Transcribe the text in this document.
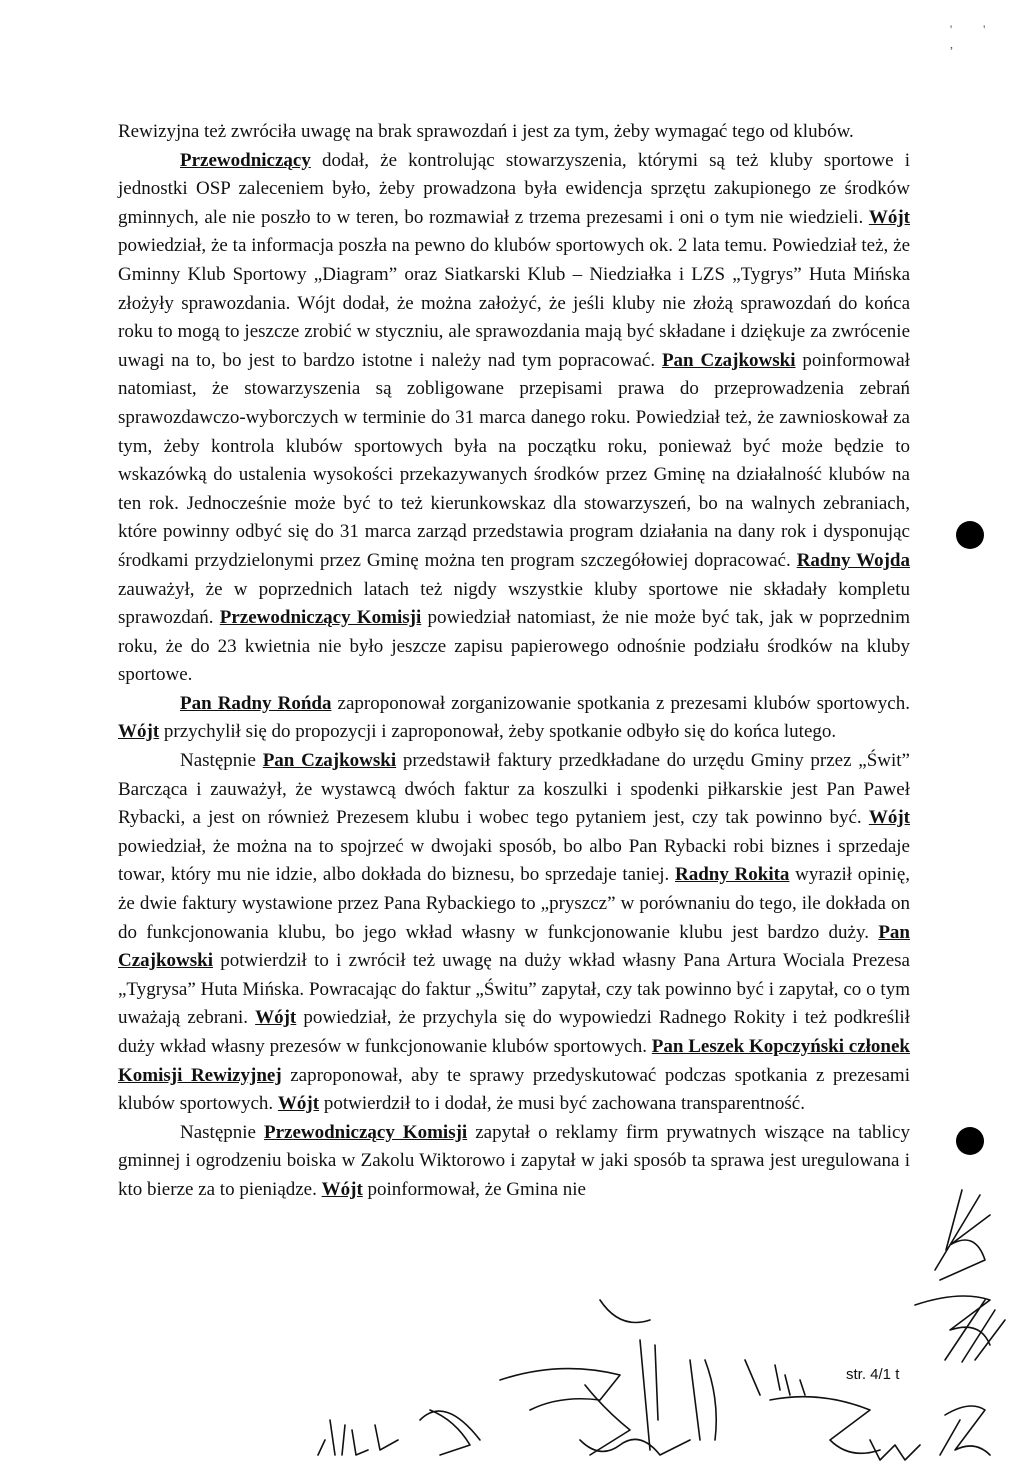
' ' ,

Rewizyjna też zwróciła uwagę na brak sprawozdań i jest za tym, żeby wymagać tego od klubów.

Przewodniczący dodał, że kontrolując stowarzyszenia, którymi są też kluby sportowe i jednostki OSP zaleceniem było, żeby prowadzona była ewidencja sprzętu zakupionego ze środków gminnych, ale nie poszło to w teren, bo rozmawiał z trzema prezesami i oni o tym nie wiedzieli. Wójt powiedział, że ta informacja poszła na pewno do klubów sportowych ok. 2 lata temu. Powiedział też, że Gminny Klub Sportowy „Diagram” oraz Siatkarski Klub – Niedziałka i LZS „Tygrys” Huta Mińska złożyły sprawozdania. Wójt dodał, że można założyć, że jeśli kluby nie złożą sprawozdań do końca roku to mogą to jeszcze zrobić w styczniu, ale sprawozdania mają być składane i dziękuje za zwrócenie uwagi na to, bo jest to bardzo istotne i należy nad tym popracować. Pan Czajkowski poinformował natomiast, że stowarzyszenia są zobligowane przepisami prawa do przeprowadzenia zebrań sprawozdawczo-wyborczych w terminie do 31 marca danego roku. Powiedział też, że zawnioskował za tym, żeby kontrola klubów sportowych była na początku roku, ponieważ być może będzie to wskazówką do ustalenia wysokości przekazywanych środków przez Gminę na działalność klubów na ten rok. Jednocześnie może być to też kierunkowskaz dla stowarzyszeń, bo na walnych zebraniach, które powinny odbyć się do 31 marca zarząd przedstawia program działania na dany rok i dysponując środkami przydzielonymi przez Gminę można ten program szczegółowiej dopracować. Radny Wojda zauważył, że w poprzednich latach też nigdy wszystkie kluby sportowe nie składały kompletu sprawozdań. Przewodniczący Komisji powiedział natomiast, że nie może być tak, jak w poprzednim roku, że do 23 kwietnia nie było jeszcze zapisu papierowego odnośnie podziału środków na kluby sportowe.

Pan Radny Rońda zaproponował zorganizowanie spotkania z prezesami klubów sportowych. Wójt przychylił się do propozycji i zaproponował, żeby spotkanie odbyło się do końca lutego.

Następnie Pan Czajkowski przedstawił faktury przedkładane do urzędu Gminy przez „Świt” Barcząca i zauważył, że wystawcą dwóch faktur za koszulki i spodenki piłkarskie jest Pan Paweł Rybacki, a jest on również Prezesem klubu i wobec tego pytaniem jest, czy tak powinno być. Wójt powiedział, że można na to spojrzeć w dwojaki sposób, bo albo Pan Rybacki robi biznes i sprzedaje towar, który mu nie idzie, albo dokłada do biznesu, bo sprzedaje taniej. Radny Rokita wyraził opinię, że dwie faktury wystawione przez Pana Rybackiego to „pryszcz” w porównaniu do tego, ile dokłada on do funkcjonowania klubu, bo jego wkład własny w funkcjonowanie klubu jest bardzo duży. Pan Czajkowski potwierdził to i zwrócił też uwagę na duży wkład własny Pana Artura Wociala Prezesa „Tygrysa” Huta Mińska. Powracając do faktur „Świtu” zapytał, czy tak powinno być i zapytał, co o tym uważają zebrani. Wójt powiedział, że przychyla się do wypowiedzi Radnego Rokity i też podkreślił duży wkład własny prezesów w funkcjonowanie klubów sportowych. Pan Leszek Kopczyński członek Komisji Rewizyjnej zaproponował, aby te sprawy przedyskutować podczas spotkania z prezesami klubów sportowych. Wójt potwierdził to i dodał, że musi być zachowana transparentność.

Następnie Przewodniczący Komisji zapytał o reklamy firm prywatnych wiszące na tablicy gminnej i ogrodzeniu boiska w Zakolu Wiktorowo i zapytał w jaki sposób ta sprawa jest uregulowana i kto bierze za to pieniądze. Wójt poinformował, że Gmina nie

str. 4/1 t
